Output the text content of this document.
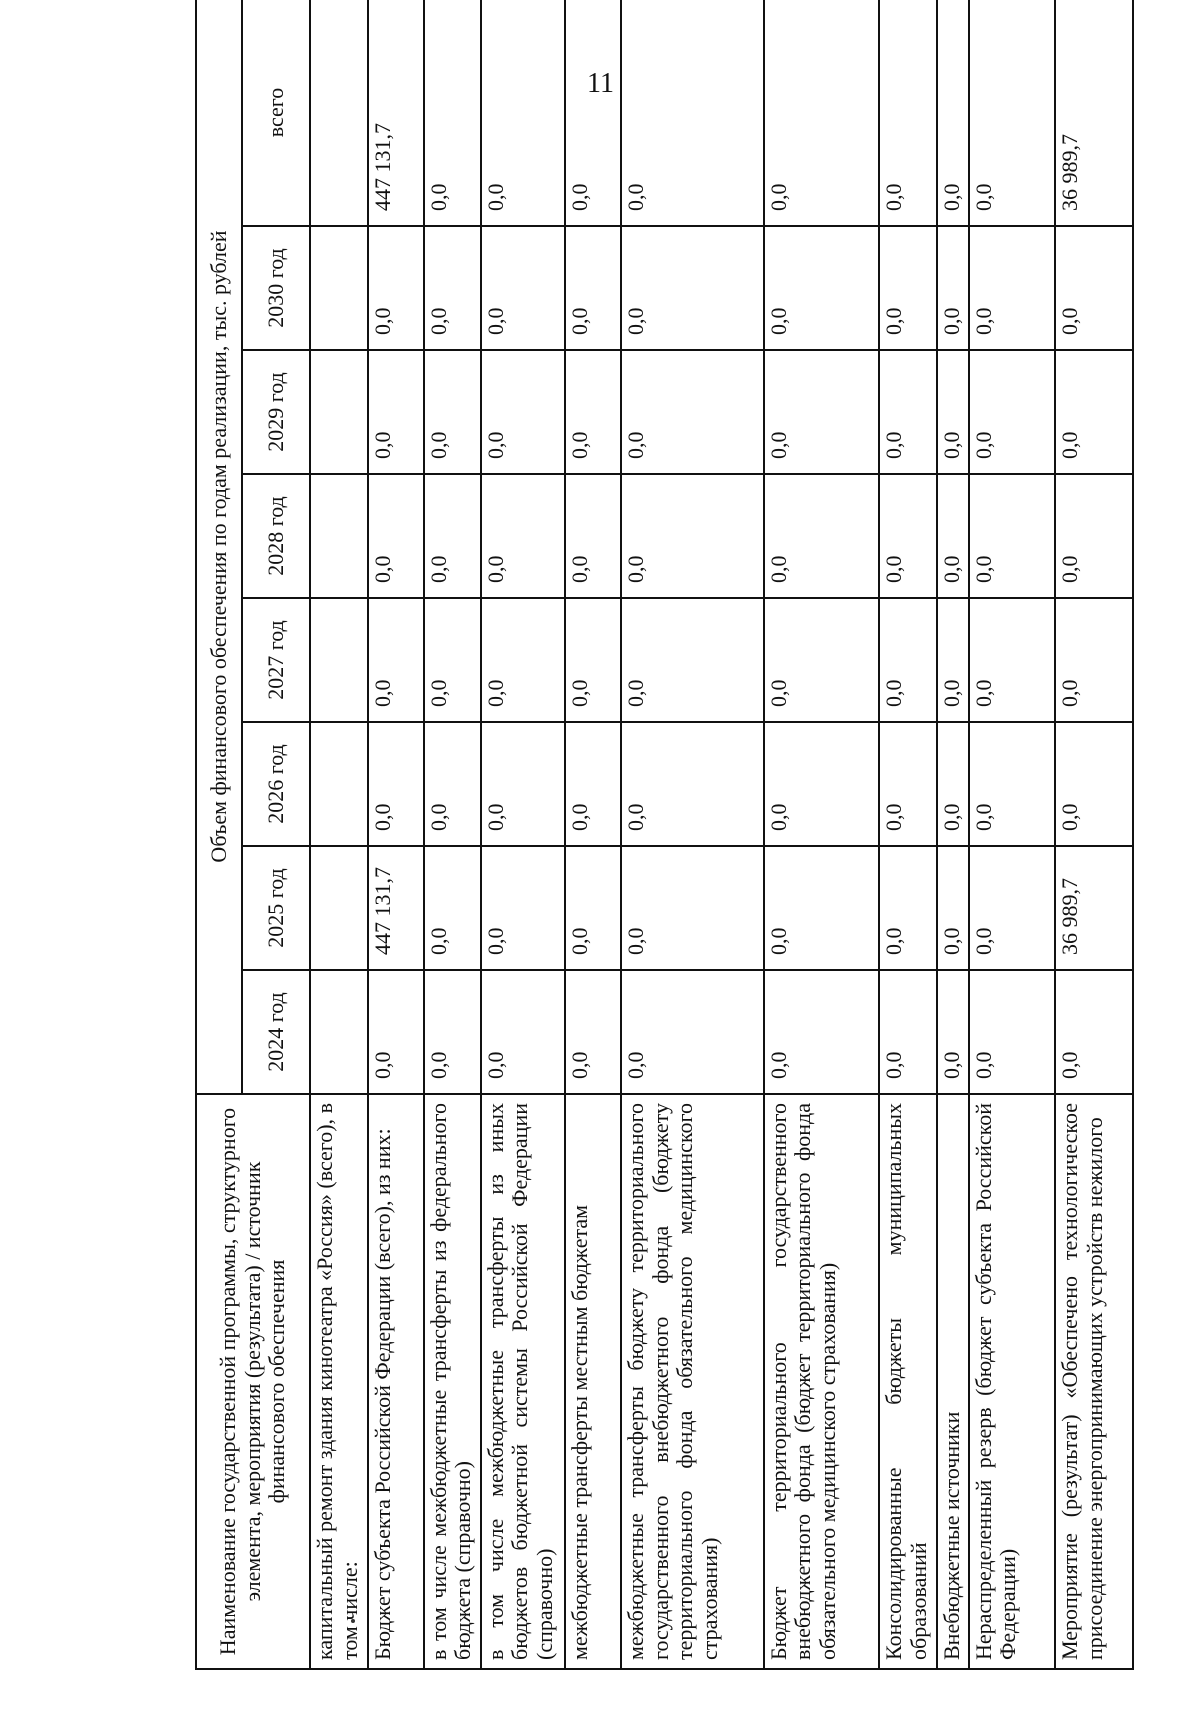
11
Наименование государственной программы, структурного элемента, мероприятия (результата) / источник финансового обеспечения	Объем финансового обеспечения по годам реализации, тыс. рублей							
	2024 год	2025 год	2026 год	2027 год	2028 год	2029 год	2030 год	всего
капитальный ремонт здания кинотеатра «Россия» (всего), в том числе:								
Бюджет субъекта Российской Федерации (всего), из них:	0,0	447 131,7	0,0	0,0	0,0	0,0	0,0	447 131,7
в том числе межбюджетные трансферты из федерального бюджета (справочно)	0,0	0,0	0,0	0,0	0,0	0,0	0,0	0,0
в том числе межбюджетные трансферты из иных бюджетов бюджетной системы Российской Федерации (справочно)	0,0	0,0	0,0	0,0	0,0	0,0	0,0	0,0
межбюджетные трансферты местным бюджетам	0,0	0,0	0,0	0,0	0,0	0,0	0,0	0,0
межбюджетные трансферты бюджету территориального государственного внебюджетного фонда (бюджету территориального фонда обязательного медицинского страхования)	0,0	0,0	0,0	0,0	0,0	0,0	0,0	0,0
Бюджет территориального государственного внебюджетного фонда (бюджет территориального фонда обязательного медицинского страхования)	0,0	0,0	0,0	0,0	0,0	0,0	0,0	0,0
Консолидированные бюджеты муниципальных образований	0,0	0,0	0,0	0,0	0,0	0,0	0,0	0,0
Внебюджетные источники	0,0	0,0	0,0	0,0	0,0	0,0	0,0	0,0
Нераспределенный резерв (бюджет субъекта Российской Федерации)	0,0	0,0	0,0	0,0	0,0	0,0	0,0	0,0
Мероприятие (результат) «Обеспечено технологическое присоединение энергопринимающих устройств нежилого	0,0	36 989,7	0,0	0,0	0,0	0,0	0,0	36 989,7
